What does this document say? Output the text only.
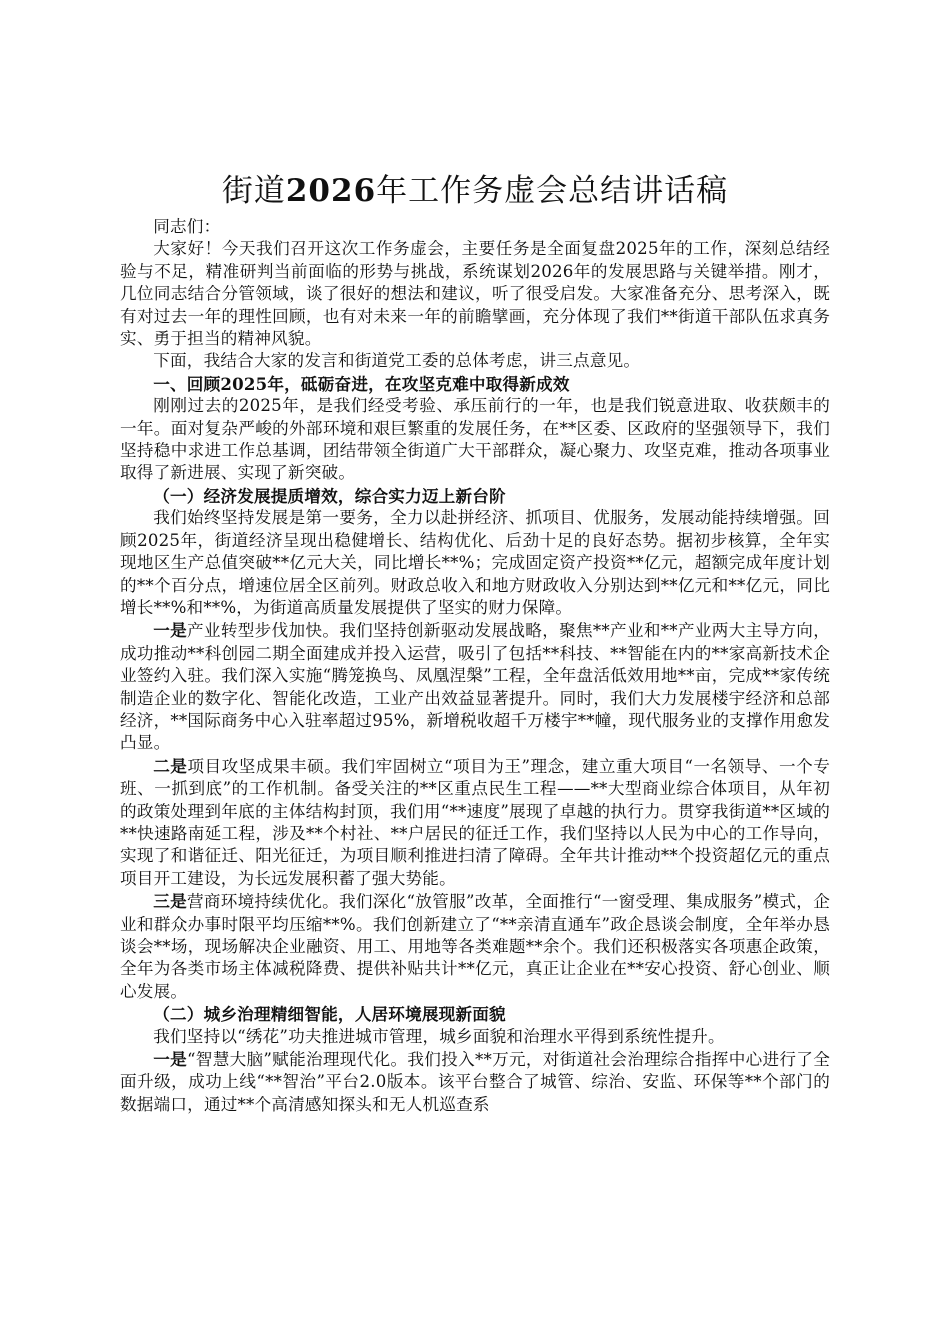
街道2026年工作务虚会总结讲话稿

同志们：

大家好！今天我们召开这次工作务虚会，主要任务是全面复盘2025年的工作，深刻总结经验与不足，精准研判当前面临的形势与挑战，系统谋划2026年的发展思路与关键举措。刚才，几位同志结合分管领域，谈了很好的想法和建议，听了很受启发。大家准备充分、思考深入，既有对过去一年的理性回顾，也有对未来一年的前瞻擘画，充分体现了我们**街道干部队伍求真务实、勇于担当的精神风貌。

下面，我结合大家的发言和街道党工委的总体考虑，讲三点意见。

一、回顾2025年，砥砺奋进，在攻坚克难中取得新成效

刚刚过去的2025年，是我们经受考验、承压前行的一年，也是我们锐意进取、收获颇丰的一年。面对复杂严峻的外部环境和艰巨繁重的发展任务，在**区委、区政府的坚强领导下，我们坚持稳中求进工作总基调，团结带领全街道广大干部群众，凝心聚力、攻坚克难，推动各项事业取得了新进展、实现了新突破。

（一）经济发展提质增效，综合实力迈上新台阶

我们始终坚持发展是第一要务，全力以赴拼经济、抓项目、优服务，发展动能持续增强。回顾2025年，街道经济呈现出稳健增长、结构优化、后劲十足的良好态势。据初步核算，全年实现地区生产总值突破**亿元大关，同比增长**%；完成固定资产投资**亿元，超额完成年度计划的**个百分点，增速位居全区前列。财政总收入和地方财政收入分别达到**亿元和**亿元，同比增长**%和**%，为街道高质量发展提供了坚实的财力保障。

一是产业转型步伐加快。我们坚持创新驱动发展战略，聚焦**产业和**产业两大主导方向，成功推动**科创园二期全面建成并投入运营，吸引了包括**科技、**智能在内的**家高新技术企业签约入驻。我们深入实施“腾笼换鸟、凤凰涅槃”工程，全年盘活低效用地**亩，完成**家传统制造企业的数字化、智能化改造，工业产出效益显著提升。同时，我们大力发展楼宇经济和总部经济，**国际商务中心入驻率超过95%，新增税收超千万楼宇**幢，现代服务业的支撑作用愈发凸显。

二是项目攻坚成果丰硕。我们牢固树立“项目为王”理念，建立重大项目“一名领导、一个专班、一抓到底”的工作机制。备受关注的**区重点民生工程——**大型商业综合体项目，从年初的政策处理到年底的主体结构封顶，我们用“**速度”展现了卓越的执行力。贯穿我街道**区域的**快速路南延工程，涉及**个村社、**户居民的征迁工作，我们坚持以人民为中心的工作导向，实现了和谐征迁、阳光征迁，为项目顺利推进扫清了障碍。全年共计推动**个投资超亿元的重点项目开工建设，为长远发展积蓄了强大势能。

三是营商环境持续优化。我们深化“放管服”改革，全面推行“一窗受理、集成服务”模式，企业和群众办事时限平均压缩**%。我们创新建立了“**亲清直通车”政企恳谈会制度，全年举办恳谈会**场，现场解决企业融资、用工、用地等各类难题**余个。我们还积极落实各项惠企政策，全年为各类市场主体减税降费、提供补贴共计**亿元，真正让企业在**安心投资、舒心创业、顺心发展。

（二）城乡治理精细智能，人居环境展现新面貌

我们坚持以“绣花”功夫推进城市管理，城乡面貌和治理水平得到系统性提升。

一是“智慧大脑”赋能治理现代化。我们投入**万元，对街道社会治理综合指挥中心进行了全面升级，成功上线“**智治”平台2.0版本。该平台整合了城管、综治、安监、环保等**个部门的数据端口，通过**个高清感知探头和无人机巡查系
